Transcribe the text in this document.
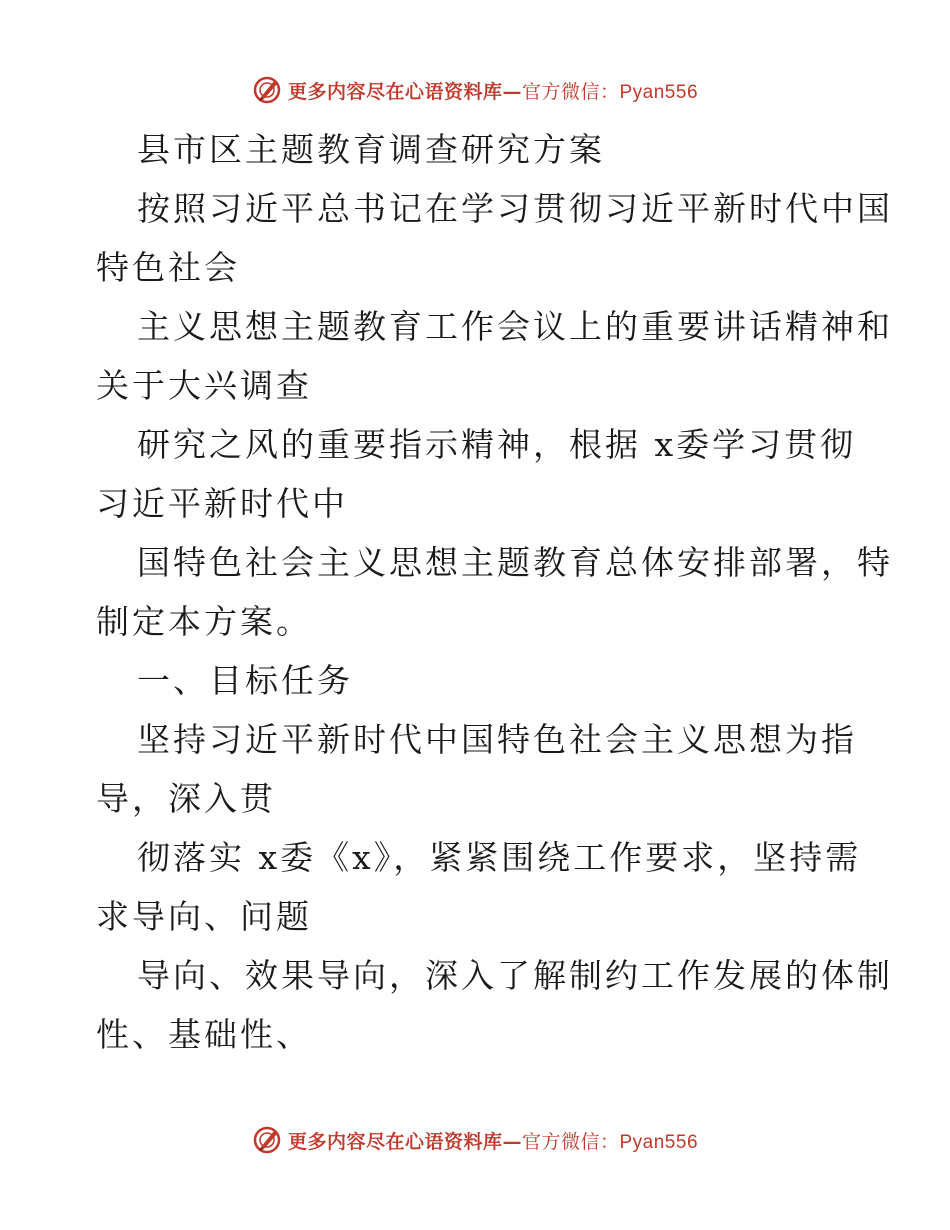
更多内容尽在心语资料库—官方微信：Pyan556
县市区主题教育调查研究方案
按照习近平总书记在学习贯彻习近平新时代中国
特色社会
主义思想主题教育工作会议上的重要讲话精神和
关于大兴调查
研究之风的重要指示精神，根据 x委学习贯彻
习近平新时代中
国特色社会主义思想主题教育总体安排部署，特
制定本方案。
一、目标任务
坚持习近平新时代中国特色社会主义思想为指
导，深入贯
彻落实 x委《x》，紧紧围绕工作要求，坚持需
求导向、问题
导向、效果导向，深入了解制约工作发展的体制
性、基础性、
更多内容尽在心语资料库—官方微信：Pyan556
